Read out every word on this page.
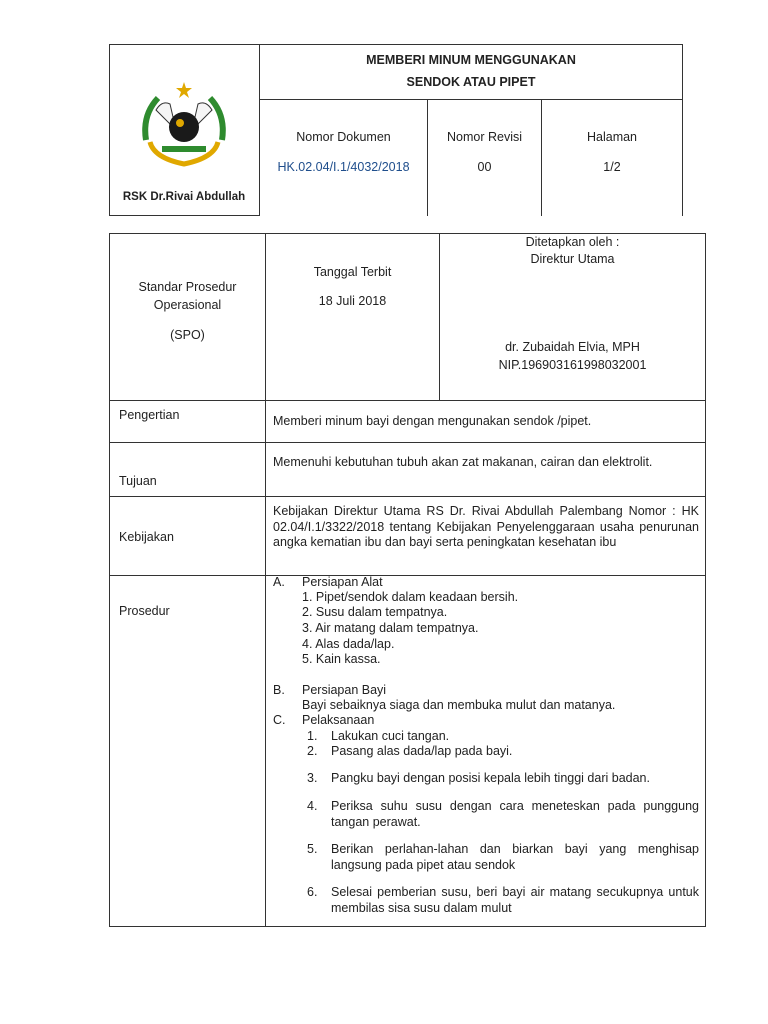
RSK Dr.Rivai Abdullah
MEMBERI MINUM MENGGUNAKAN
SENDOK ATAU PIPET
Nomor Dokumen
HK.02.04/I.1/4032/2018
Nomor Revisi
00
Halaman
1/2
Standar Prosedur
Operasional
(SPO)
Tanggal Terbit
18 Juli 2018
Ditetapkan oleh :
Direktur Utama
dr. Zubaidah Elvia, MPH
NIP.196903161998032001
Pengertian	Memberi minum bayi dengan mengunakan sendok /pipet.
Tujuan
Memenuhi kebutuhan tubuh akan zat makanan, cairan dan elektrolit.
Kebijakan
Kebijakan Direktur Utama RS Dr. Rivai Abdullah Palembang Nomor : HK 02.04/I.1/3322/2018 tentang Kebijakan Penyelenggaraan usaha penurunan angka kematian ibu dan bayi serta peningkatan kesehatan ibu
Prosedur
A. Persiapan Alat
1. Pipet/sendok dalam keadaan bersih.
2. Susu dalam tempatnya.
3. Air matang dalam tempatnya.
4. Alas dada/lap.
5. Kain kassa.
B. Persiapan Bayi
Bayi sebaiknya siaga dan membuka mulut dan matanya.
C. Pelaksanaan
1. Lakukan cuci tangan.
2. Pasang alas dada/lap pada bayi.
3. Pangku bayi dengan posisi kepala lebih tinggi dari badan.
4. Periksa suhu susu dengan cara meneteskan pada punggung tangan perawat.
5. Berikan perlahan-lahan dan biarkan bayi yang menghisap langsung pada pipet atau sendok
6. Selesai pemberian susu, beri bayi air matang secukupnya untuk membilas sisa susu dalam mulut
